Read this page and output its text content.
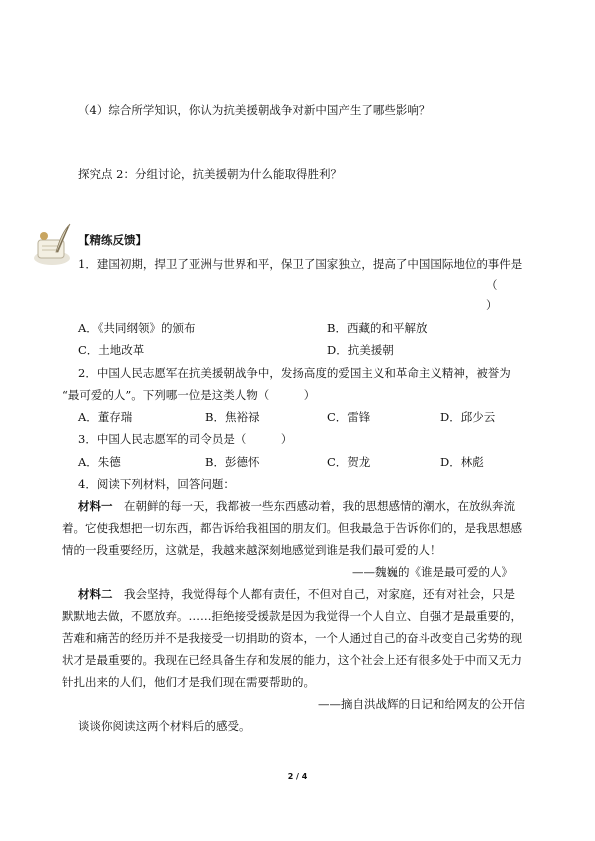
（4）综合所学知识，你认为抗美援朝战争对新中国产生了哪些影响？
探究点 2：分组讨论，抗美援朝为什么能取得胜利？
【精练反馈】
1．建国初期，捍卫了亚洲与世界和平，保卫了国家独立，提高了中国国际地位的事件是
（
）
A．《共同纲领》的颁布	B．西藏的和平解放
C．土地改革	D．抗美援朝
2．中国人民志愿军在抗美援朝战争中，发扬高度的爱国主义和革命主义精神，被誉为
“最可爱的人”。下列哪一位是这类人物（　　　）
A．董存瑞	B．焦裕禄	C．雷锋	D．邱少云
3．中国人民志愿军的司令员是（　　　）
A．朱德	B．彭德怀	C．贺龙	D．林彪
4．阅读下列材料，回答问题：
材料一　在朝鲜的每一天，我都被一些东西感动着，我的思想感情的潮水，在放纵奔流
着。它使我想把一切东西，都告诉给我祖国的朋友们。但我最急于告诉你们的，是我思想感
情的一段重要经历，这就是，我越来越深刻地感觉到谁是我们最可爱的人！
——魏巍的《谁是最可爱的人》
材料二　我会坚持，我觉得每个人都有责任，不但对自己，对家庭，还有对社会，只是
默默地去做，不愿放弃。……拒绝接受援款是因为我觉得一个人自立、自强才是最重要的，
苦难和痛苦的经历并不是我接受一切捐助的资本，一个人通过自己的奋斗改变自己劣势的现
状才是最重要的。我现在已经具备生存和发展的能力，这个社会上还有很多处于中而又无力
针扎出来的人们，他们才是我们现在需要帮助的。
——摘自洪战辉的日记和给网友的公开信
谈谈你阅读这两个材料后的感受。
2 / 4
